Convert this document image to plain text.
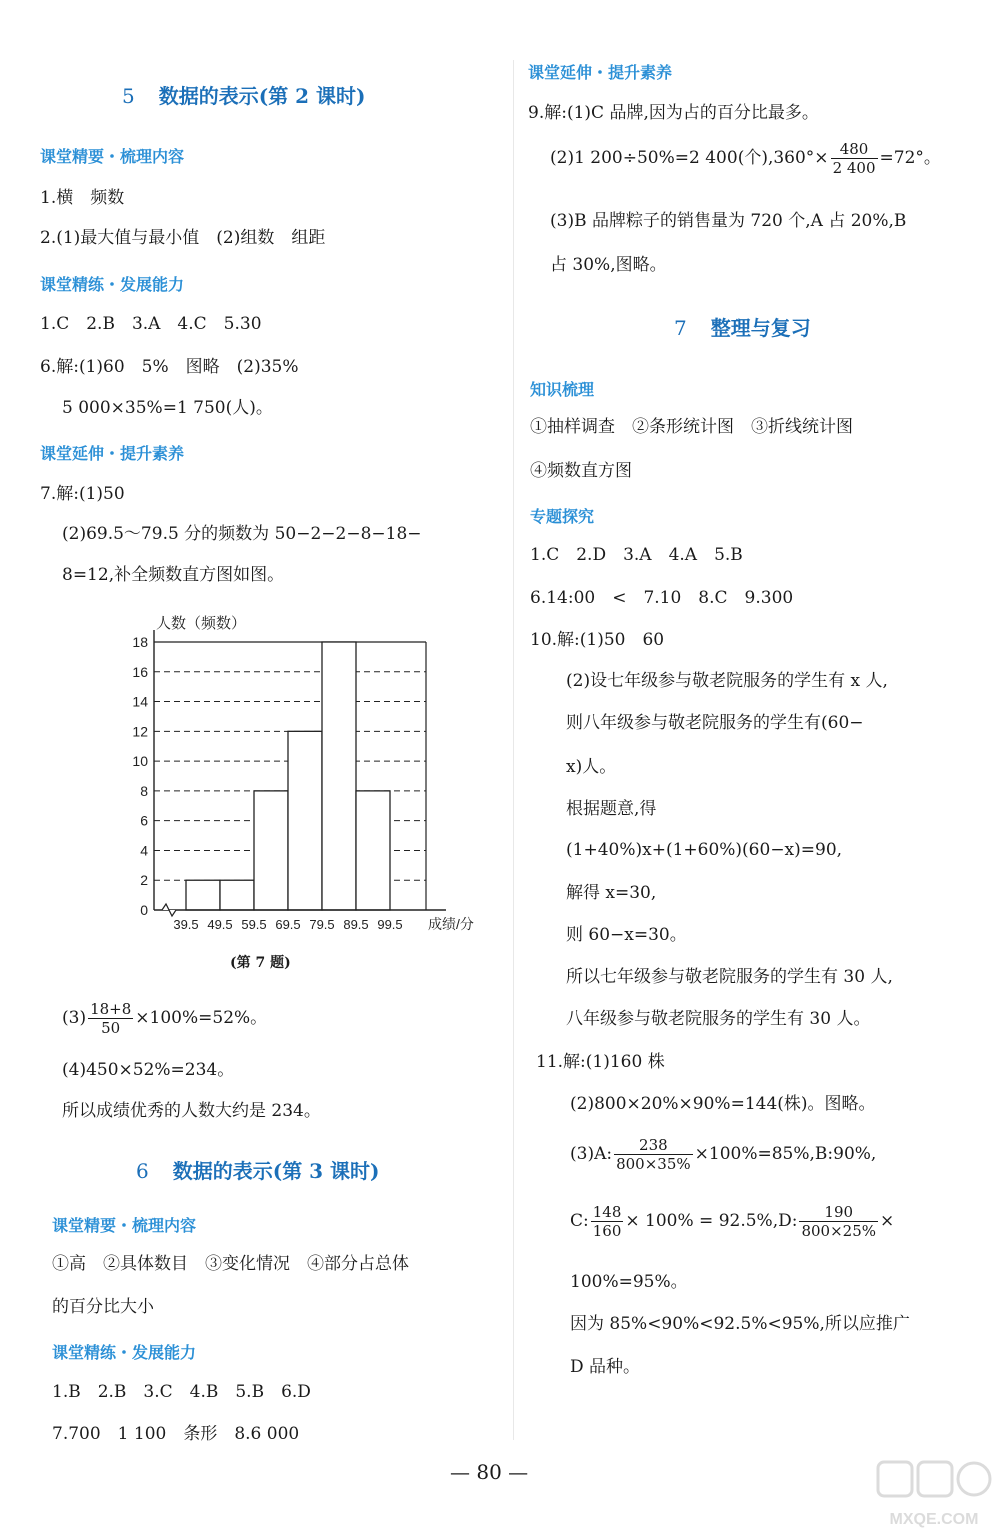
5 数据的表示(第 2 课时)
课堂精要・梳理内容
1.横　频数
2.(1)最大值与最小值　(2)组数　组距
课堂精练・发展能力
1.C　2.B　3.A　4.C　5.30
6.解:(1)60　5%　图略　(2)35%
5 000×35%=1 750(人)。
课堂延伸・提升素养
7.解:(1)50
(2)69.5～79.5 分的频数为 50−2−2−8−18−
8=12,补全频数直方图如图。
0
2
4
6
8
10
12
14
16
18
39.5 49.5 59.5 69.5 79.5 89.5 99.5
人数（频数）
成绩/分
(第 7 题)
$(3) \frac{18+8}{50} \times 100\%=52\%$。
(4)450×52%=234。
所以成绩优秀的人数大约是 234。
6 数据的表示(第 3 课时)
课堂精要・梳理内容
①高　②具体数目　③变化情况　④部分占总体
的百分比大小
课堂精练・发展能力
1.B　2.B　3.C　4.B　5.B　6.D
7.700　1 100　条形　8.6 000
课堂延伸・提升素养
9.解:(1)C 品牌,因为占的百分比最多。
(2)1 200÷50%=2 400(个)$,360^\circ\times \frac{480}{2 400} =72^\circ$。
(3)B 品牌粽子的销售量为 720 个,A 占 20%,B
占 30%,图略。
7 整理与复习
知识梳理
①抽样调查　②条形统计图　③折线统计图
④频数直方图
专题探究
1.C　2.D　3.A　4.A　5.B
6.14:00　<　7.10　8.C　9.300
10.解:(1)50　60
(2)设七年级参与敬老院服务的学生有 x 人,
则八年级参与敬老院服务的学生有(60−
x)人。
根据题意,得
(1+40%)x+(1+60%)(60−x)=90,
解得 x=30,
则 60−x=30。
所以七年级参与敬老院服务的学生有 30 人,
八年级参与敬老院服务的学生有 30 人。
11.解:(1)160 株
(2)800×20%×90%=144(株)。图略。
(3)A: $\frac{238}{800\times 35\%}$ ×100%=85%,B:90%,
C: $\frac{148}{160} \times 100\% = 92.5\%,D$: $\frac{190}{800\times 25\%}$ ×
100%=95%。
因为 85%<90%<92.5%<95%,所以应推广
D 品种。
— 80 —
MXQE.COM
